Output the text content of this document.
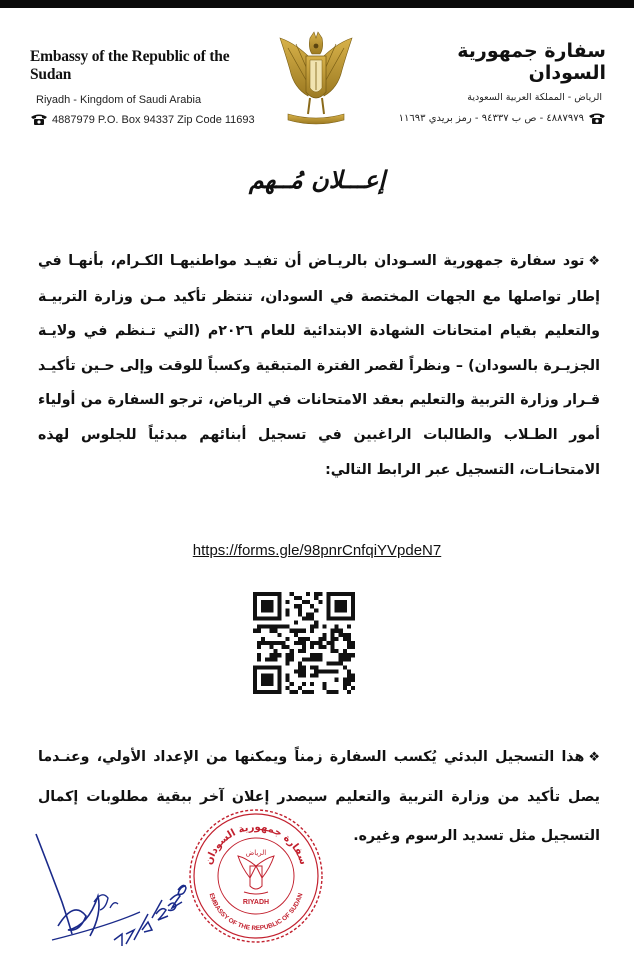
Embassy of the Republic of the Sudan
Riyadh - Kingdom of Saudi Arabia
4887979 P.O. Box 94337 Zip Code 11693
سفارة جمهورية السودان
الرياض - المملكة العربية السعودية
٤٨٨٧٩٧٩ - ص ب ٩٤٣٣٧ - رمز بريدي ١١٦٩٣
إعـــلان مُــهم
❖تود سفارة جمهورية السـودان بالريـاض أن تفيـد مواطنيهـا الكـرام، بأنهـا في إطار تواصلها مع الجهات المختصة في السودان، تنتظر تأكيد مـن وزارة التربيـة والتعليم بقيام امتحانات الشهادة الابتدائية للعام ٢٠٢٦م (التي تـنظم في ولايـة الجزيـرة بالسودان) – ونظراً لقصر الفترة المتبقية وكسباً للوقت وإلى حـين تأكيـد قـرار وزارة التربية والتعليم بعقد الامتحانات في الرياض، ترجو السفارة من أولياء أمور الطـلاب والطالبات الراغبين في تسجيل أبنائهم مبدئياً للجلوس لهذه الامتحانـات، التسجيل عبر الرابط التالي:
https://forms.gle/98pnrCnfqiYVpdeN7
❖هذا التسجيل البدئي يُكسب السفارة زمناً ويمكنها من الإعداد الأولي، وعنـدما يصل تأكيد من وزارة التربية والتعليم سيصدر إعلان آخر ببقية مطلوبات إكمال التسجيل مثل تسديد الرسوم وغيره.
سفارة جمهورية السودان
EMBASSY OF THE REPUBLIC OF SUDAN
الرياض
RIYADH
